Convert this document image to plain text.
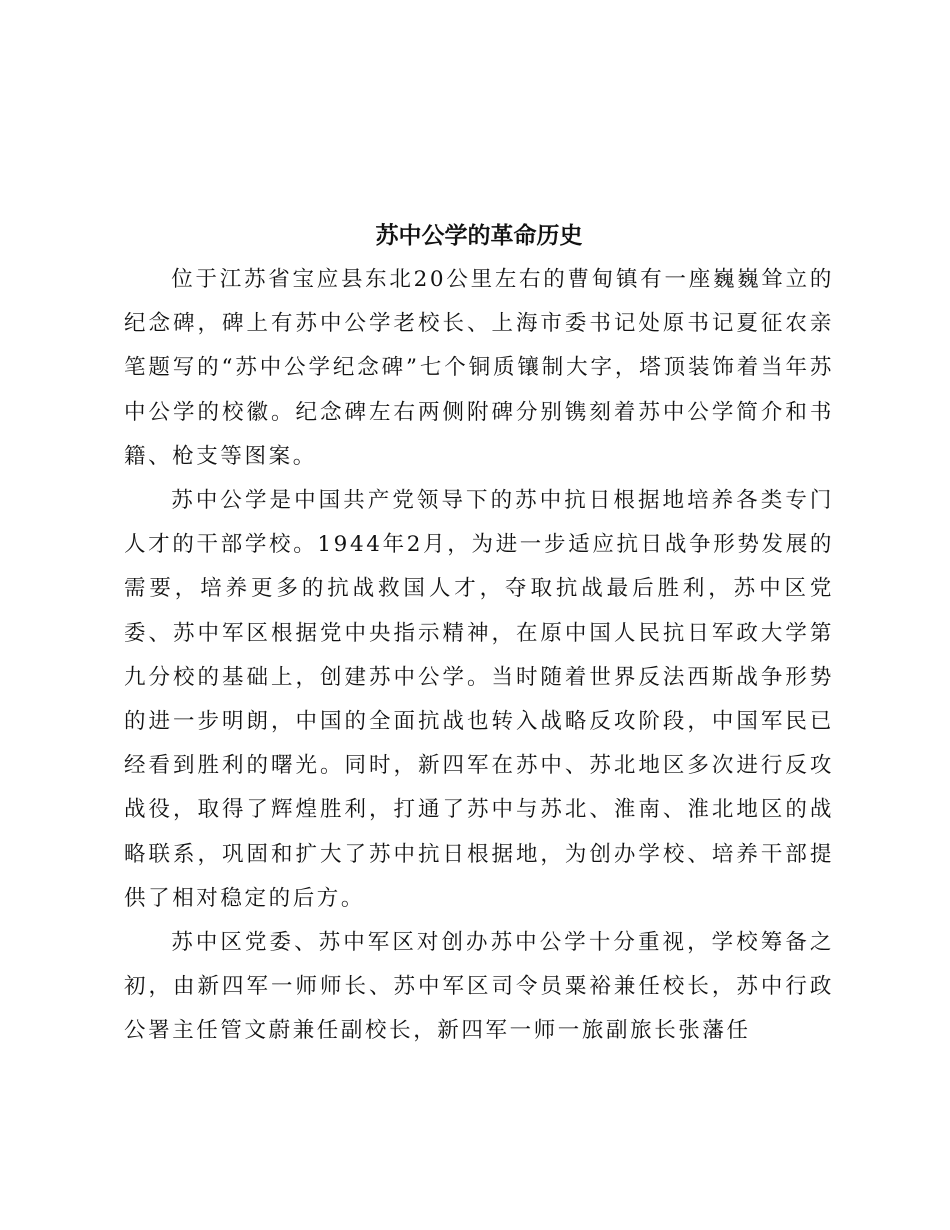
苏中公学的革命历史

位于江苏省宝应县东北20公里左右的曹甸镇有一座巍巍耸立的纪念碑，碑上有苏中公学老校长、上海市委书记处原书记夏征农亲笔题写的“苏中公学纪念碑”七个铜质镶制大字，塔顶装饰着当年苏中公学的校徽。纪念碑左右两侧附碑分别镌刻着苏中公学简介和书籍、枪支等图案。

苏中公学是中国共产党领导下的苏中抗日根据地培养各类专门人才的干部学校。1944年2月，为进一步适应抗日战争形势发展的需要，培养更多的抗战救国人才，夺取抗战最后胜利，苏中区党委、苏中军区根据党中央指示精神，在原中国人民抗日军政大学第九分校的基础上，创建苏中公学。当时随着世界反法西斯战争形势的进一步明朗，中国的全面抗战也转入战略反攻阶段，中国军民已经看到胜利的曙光。同时，新四军在苏中、苏北地区多次进行反攻战役，取得了辉煌胜利，打通了苏中与苏北、淮南、淮北地区的战略联系，巩固和扩大了苏中抗日根据地，为创办学校、培养干部提供了相对稳定的后方。

苏中区党委、苏中军区对创办苏中公学十分重视，学校筹备之初，由新四军一师师长、苏中军区司令员粟裕兼任校长，苏中行政公署主任管文蔚兼任副校长，新四军一师一旅副旅长张藩任
